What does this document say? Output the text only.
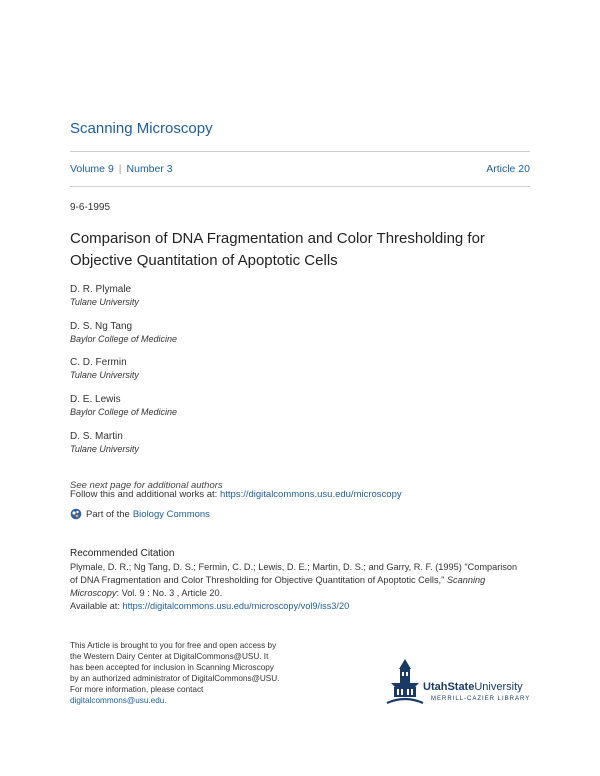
Scanning Microscopy
Volume 9 | Number 3	Article 20
9-6-1995
Comparison of DNA Fragmentation and Color Thresholding for
Objective Quantitation of Apoptotic Cells
D. R. Plymale
Tulane University
D. S. Ng Tang
Baylor College of Medicine
C. D. Fermin
Tulane University
D. E. Lewis
Baylor College of Medicine
D. S. Martin
Tulane University
See next page for additional authors
Follow this and additional works at: https://digitalcommons.usu.edu/microscopy
Part of the Biology Commons
Recommended Citation
Plymale, D. R.; Ng Tang, D. S.; Fermin, C. D.; Lewis, D. E.; Martin, D. S.; and Garry, R. F. (1995) "Comparison
of DNA Fragmentation and Color Thresholding for Objective Quantitation of Apoptotic Cells," Scanning
Microscopy: Vol. 9 : No. 3 , Article 20.
Available at: https://digitalcommons.usu.edu/microscopy/vol9/iss3/20
This Article is brought to you for free and open access by
the Western Dairy Center at DigitalCommons@USU. It
has been accepted for inclusion in Scanning Microscopy
by an authorized administrator of DigitalCommons@USU.
For more information, please contact
digitalcommons@usu.edu.
UtahStateUniversity
MERRILL-CAZIER LIBRARY
